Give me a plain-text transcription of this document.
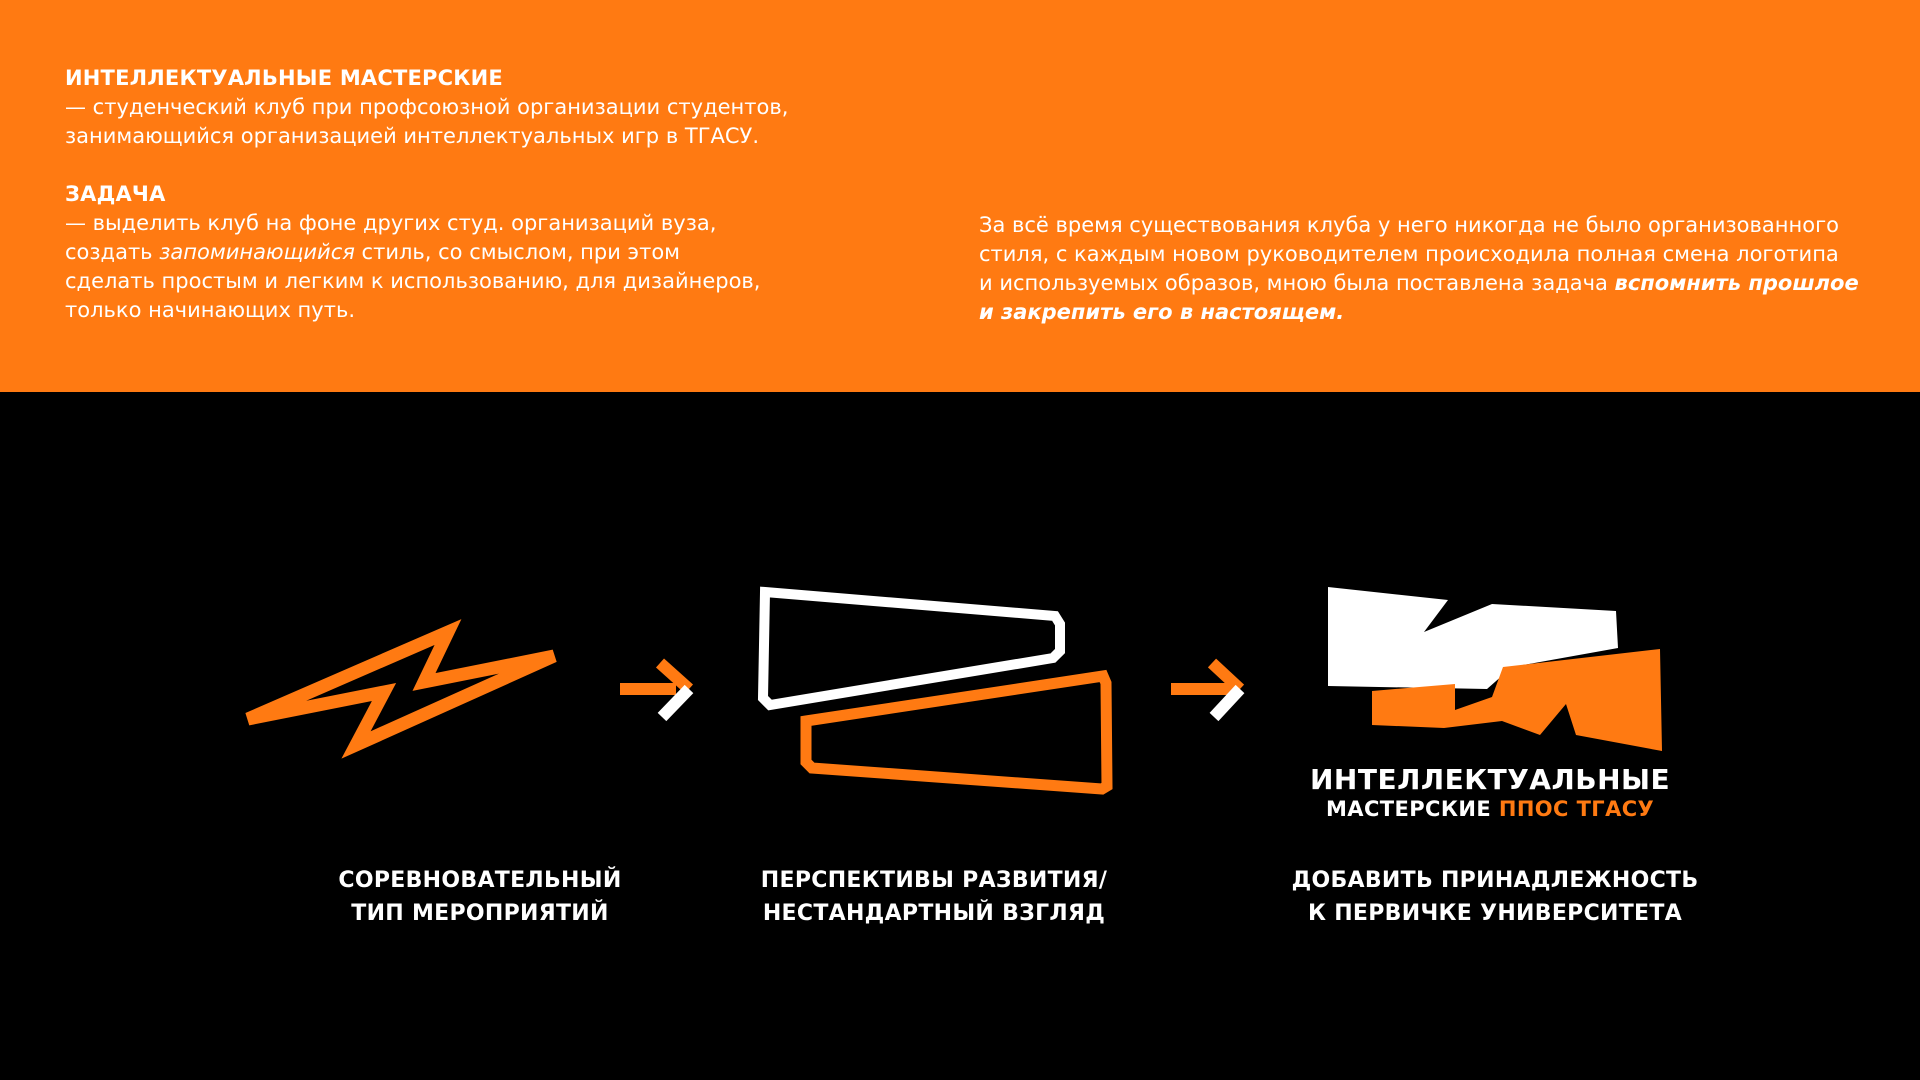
ИНТЕЛЛЕКТУАЛЬНЫЕ МАСТЕРСКИЕ
— студенческий клуб при профсоюзной организации студентов,
занимающийся организацией интеллектуальных игр в ТГАСУ.
ЗАДАЧА
— выделить клуб на фоне других студ. организаций вуза,
создать запоминающийся стиль, со смыслом, при этом
сделать простым и легким к использованию, для дизайнеров,
только начинающих путь.
За всё время существования клуба у него никогда не было организованного
стиля, с каждым новом руководителем происходила полная смена логотипа
и используемых образов, мною была поставлена задача вспомнить прошлое
и закрепить его в настоящем.
ИНТЕЛЛЕКТУАЛЬНЫЕ
МАСТЕРСКИЕ ППОС ТГАСУ
СОРЕВНОВАТЕЛЬНЫЙ
ТИП МЕРОПРИЯТИЙ
ПЕРСПЕКТИВЫ РАЗВИТИЯ/
НЕСТАНДАРТНЫЙ ВЗГЛЯД
ДОБАВИТЬ ПРИНАДЛЕЖНОСТЬ
К ПЕРВИЧКЕ УНИВЕРСИТЕТА
